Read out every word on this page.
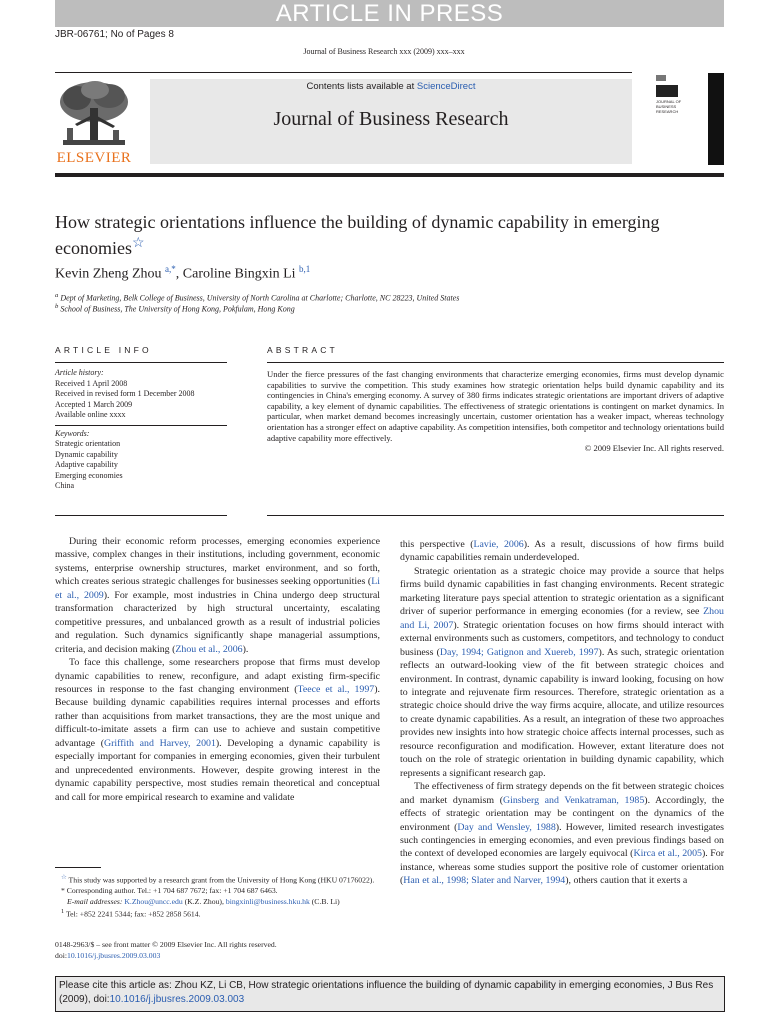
ARTICLE IN PRESS
JBR-06761; No of Pages 8
Journal of Business Research xxx (2009) xxx–xxx
ELSEVIER
Contents lists available at ScienceDirect
Journal of Business Research
JOURNAL OF BUSINESS RESEARCH
How strategic orientations influence the building of dynamic capability in emerging economies☆
Kevin Zheng Zhou $^{a,*}$, Caroline Bingxin Li $^{b,1}$
$^a$ Dept of Marketing, Belk College of Business, University of North Carolina at Charlotte; Charlotte, NC 28223, United States
$^b$ School of Business, The University of Hong Kong, Pokfulam, Hong Kong
ARTICLE INFO	ABSTRACT
Article history:
Received 1 April 2008
Received in revised form 1 December 2008
Accepted 1 March 2009
Available online xxxx
Keywords:
Strategic orientation
Dynamic capability
Adaptive capability
Emerging economies
China
Under the fierce pressures of the fast changing environments that characterize emerging economies, firms must develop dynamic capabilities to survive the competition. This study examines how strategic orientation helps build dynamic capability and its contingencies in China's emerging economy. A survey of 380 firms indicates strategic orientations are important drivers of adaptive capability, a key element of dynamic capabilities. The effectiveness of strategic orientations is contingent on market dynamics. In particular, when market demand becomes increasingly uncertain, customer orientation has a weaker impact, whereas technology orientation has a stronger effect on adaptive capability. As competition intensifies, both competitor and technology orientations build adaptive capability more effectively.
© 2009 Elsevier Inc. All rights reserved.

During their economic reform processes, emerging economies experience massive, complex changes in their institutions, including government, economic systems, enterprise ownership structures, market environment, and so forth, which creates serious strategic challenges for businesses seeking opportunities (Li et al., 2009). For example, most industries in China undergo deep structural transformation characterized by high structural uncertainty, escalating competitive pressures, and unbalanced growth as a result of industrial policies and regulation. Such dynamics significantly shape managerial assumptions, criteria, and decision making (Zhou et al., 2006).

To face this challenge, some researchers propose that firms must develop dynamic capabilities to renew, reconfigure, and adapt existing firm-specific resources in response to the fast changing environment (Teece et al., 1997). Because building dynamic capabilities requires internal processes and efforts rather than acquisitions from market transactions, they are the most unique and difficult-to-imitate assets a firm can use to achieve and sustain competitive advantage (Griffith and Harvey, 2001). Developing a dynamic capability is especially important for companies in emerging economies, given their turbulent and unprecedented environments. However, despite growing interest in the dynamic capability perspective, most studies remain theoretical and conceptual and call for more empirical research to examine and validate

this perspective (Lavie, 2006). As a result, discussions of how firms build dynamic capabilities remain underdeveloped.

Strategic orientation as a strategic choice may provide a source that helps firms build dynamic capabilities in fast changing environments. Recent strategic marketing literature pays special attention to strategic orientation as a significant driver of superior performance in emerging economies (for a review, see Zhou and Li, 2007). Strategic orientation focuses on how firms should interact with external environments such as customers, competitors, and technology to conduct business (Day, 1994; Gatignon and Xuereb, 1997). As such, strategic orientation reflects an outward-looking view of the fit between strategic choices and environment. In contrast, dynamic capability is inward looking, focusing on how to integrate and rejuvenate firm resources. Therefore, strategic orientation as a strategic choice should drive the way firms acquire, allocate, and utilize resources to create dynamic capabilities. As a result, an integration of these two approaches provides new insights into how strategic choice affects internal processes, such as resource reconfiguration and modification. However, extant literature does not touch on the role of strategic orientation in building dynamic capability, which represents a significant research gap.

The effectiveness of firm strategy depends on the fit between strategic choices and market dynamism (Ginsberg and Venkatraman, 1985). Accordingly, the effects of strategic orientation may be contingent on the dynamics of the environment (Day and Wensley, 1988). However, limited research investigates such contingencies in emerging economies, and even previous findings based on the context of developed economies are largely equivocal (Kirca et al., 2005). For instance, whereas some studies support the positive role of customer orientation (Han et al., 1998; Slater and Narver, 1994), others caution that it exerts a

☆ This study was supported by a research grant from the University of Hong Kong (HKU 07176022).
* Corresponding author. Tel.: +1 704 687 7672; fax: +1 704 687 6463.
E-mail addresses: K.Zhou@uncc.edu (K.Z. Zhou), bingxinli@business.hku.hk (C.B. Li)
$^1$ Tel: +852 2241 5344; fax: +852 2858 5614.
0148-2963/$ – see front matter © 2009 Elsevier Inc. All rights reserved.
doi:10.1016/j.jbusres.2009.03.003
Please cite this article as: Zhou KZ, Li CB, How strategic orientations influence the building of dynamic capability in emerging economies, J Bus Res (2009), doi:10.1016/j.jbusres.2009.03.003
